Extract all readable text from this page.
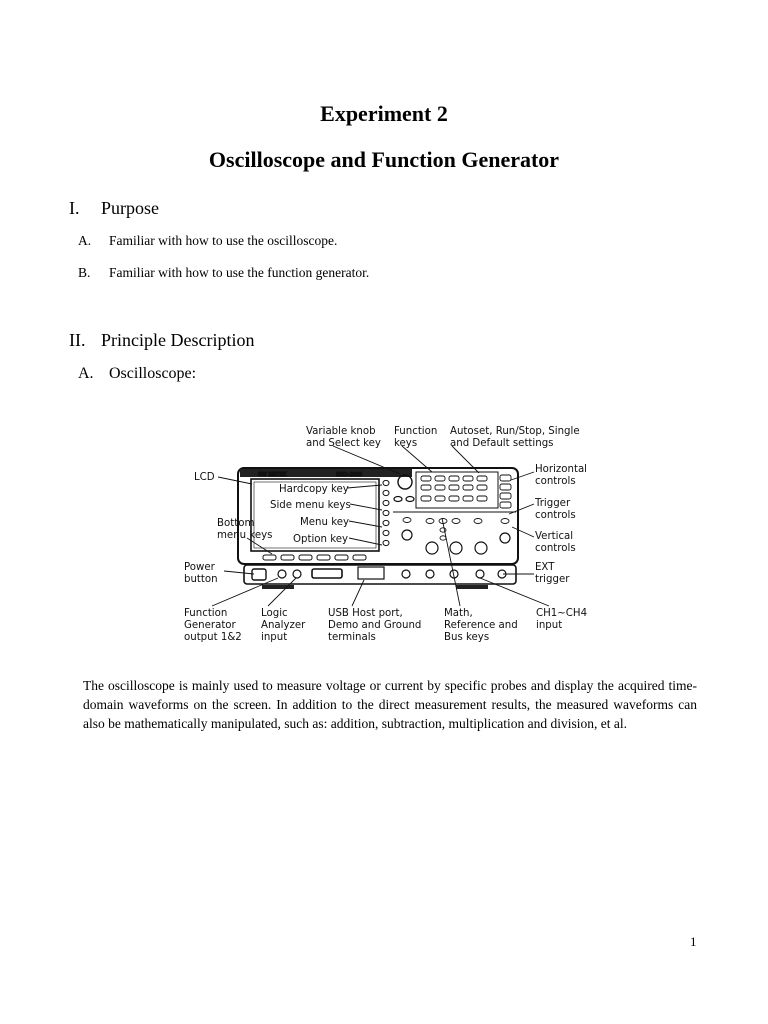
Experiment 2
Oscilloscope and Function Generator
I. Purpose
A. Familiar with how to use the oscilloscope.
B. Familiar with how to use the function generator.
II. Principle Description
A. Oscilloscope:
GW INSTEK	MSO-2000
Variable knob
and Select key
Function
keys
Autoset, Run/Stop, Single
and Default settings
LCD
Hardcopy key
Side menu keys
Menu key
Option key
Bottom
menu keys
Horizontal
controls
Trigger
controls
Vertical
controls
Power
button
EXT
trigger
Function
Generator
output 1&2
Logic
Analyzer
input
USB Host port,
Demo and Ground
terminals
Math,
Reference and
Bus keys
CH1~CH4
input
The oscilloscope is mainly used to measure voltage or current by specific probes and display the acquired time-domain waveforms on the screen. In addition to the direct measurement results, the measured waveforms can also be mathematically manipulated, such as: addition, subtraction, multiplication and division, et al.
1
